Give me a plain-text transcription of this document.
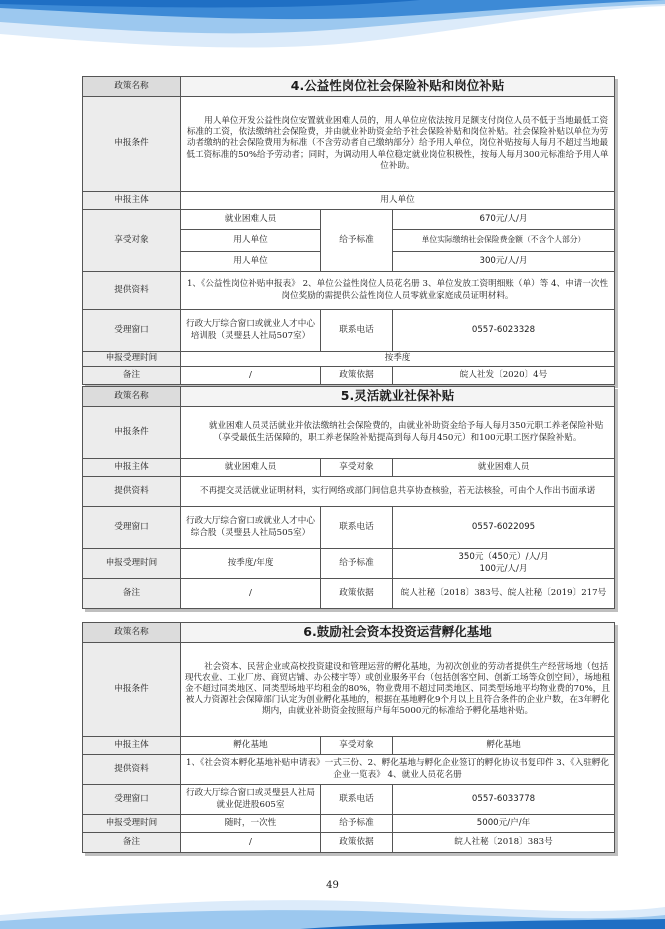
政策名称	4.公益性岗位社会保险补贴和岗位补贴		
申报条件	用人单位开发公益性岗位安置就业困难人员的，用人单位应依法按月足额支付岗位人员不低于当地最低工资标准的工资，依法缴纳社会保险费，并由就业补助资金给予社会保险补贴和岗位补贴。社会保险补贴以单位为劳动者缴纳的社会保险费用为标准（不含劳动者自己缴纳部分）给予用人单位，岗位补贴按每人每月不超过当地最低工资标准的50%给予劳动者；同时，为调动用人单位稳定就业岗位积极性，按每人每月300元标准给予用人单位补助。		
申报主体	用人单位		
享受对象	就业困难人员	给予标准	670元/人/月
	用人单位		单位实际缴纳社会保险费金额（不含个人部分）
	用人单位		300元/人/月
提供资料	1、《公益性岗位补贴申报表》 2、单位公益性岗位人员花名册 3、单位发放工资明细账（单）等 4、申请一次性岗位奖励的需提供公益性岗位人员零就业家庭成员证明材料。		
受理窗口	行政大厅综合窗口或就业人才中心培训股（灵璧县人社局507室）	联系电话	0557-6023328
申报受理时间	按季度		
备注	/	政策依据	皖人社发〔2020〕4号
政策名称	5.灵活就业社保补贴		
申报条件	就业困难人员灵活就业并依法缴纳社会保险费的，由就业补助资金给予每人每月350元职工养老保险补贴（享受最低生活保障的，职工养老保险补贴提高到每人每月450元）和100元职工医疗保险补贴。		
申报主体	就业困难人员	享受对象	就业困难人员
提供资料	不再提交灵活就业证明材料，实行网络或部门间信息共享协查核验，若无法核验，可由个人作出书面承诺		
受理窗口	行政大厅综合窗口或就业人才中心综合股（灵璧县人社局505室）	联系电话	0557-6022095
申报受理时间	按季度/年度	给予标准	350元（450元）/人/月
100元/人/月

备注	/	政策依据	皖人社秘〔2018〕383号、皖人社秘〔2019〕217号
政策名称	6.鼓励社会资本投资运营孵化基地		
申报条件	社会资本、民营企业或高校投资建设和管理运营的孵化基地，为初次创业的劳动者提供生产经营场地（包括现代农业、工业厂房、商贸店铺、办公楼宇等）或创业服务平台（包括创客空间、创新工场等众创空间），场地租金不超过同类地区、同类型场地平均租金的80%，物业费用不超过同类地区、同类型场地平均物业费的70%，且被人力资源社会保障部门认定为创业孵化基地的，根据在基地孵化9个月以上且符合条件的企业户数，在3年孵化期内，由就业补助资金按照每户每年5000元的标准给予孵化基地补贴。		
申报主体	孵化基地	享受对象	孵化基地
提供资料	1、《社会资本孵化基地补贴申请表》一式三份、2、孵化基地与孵化企业签订的孵化协议书复印件 3、《入驻孵化企业一览表》 4、就业人员花名册		
受理窗口	行政大厅综合窗口或灵璧县人社局就业促进股605室	联系电话	0557-6033778
申报受理时间	随时，一次性	给予标准	5000元/户/年
备注	/	政策依据	皖人社秘〔2018〕383号
49
